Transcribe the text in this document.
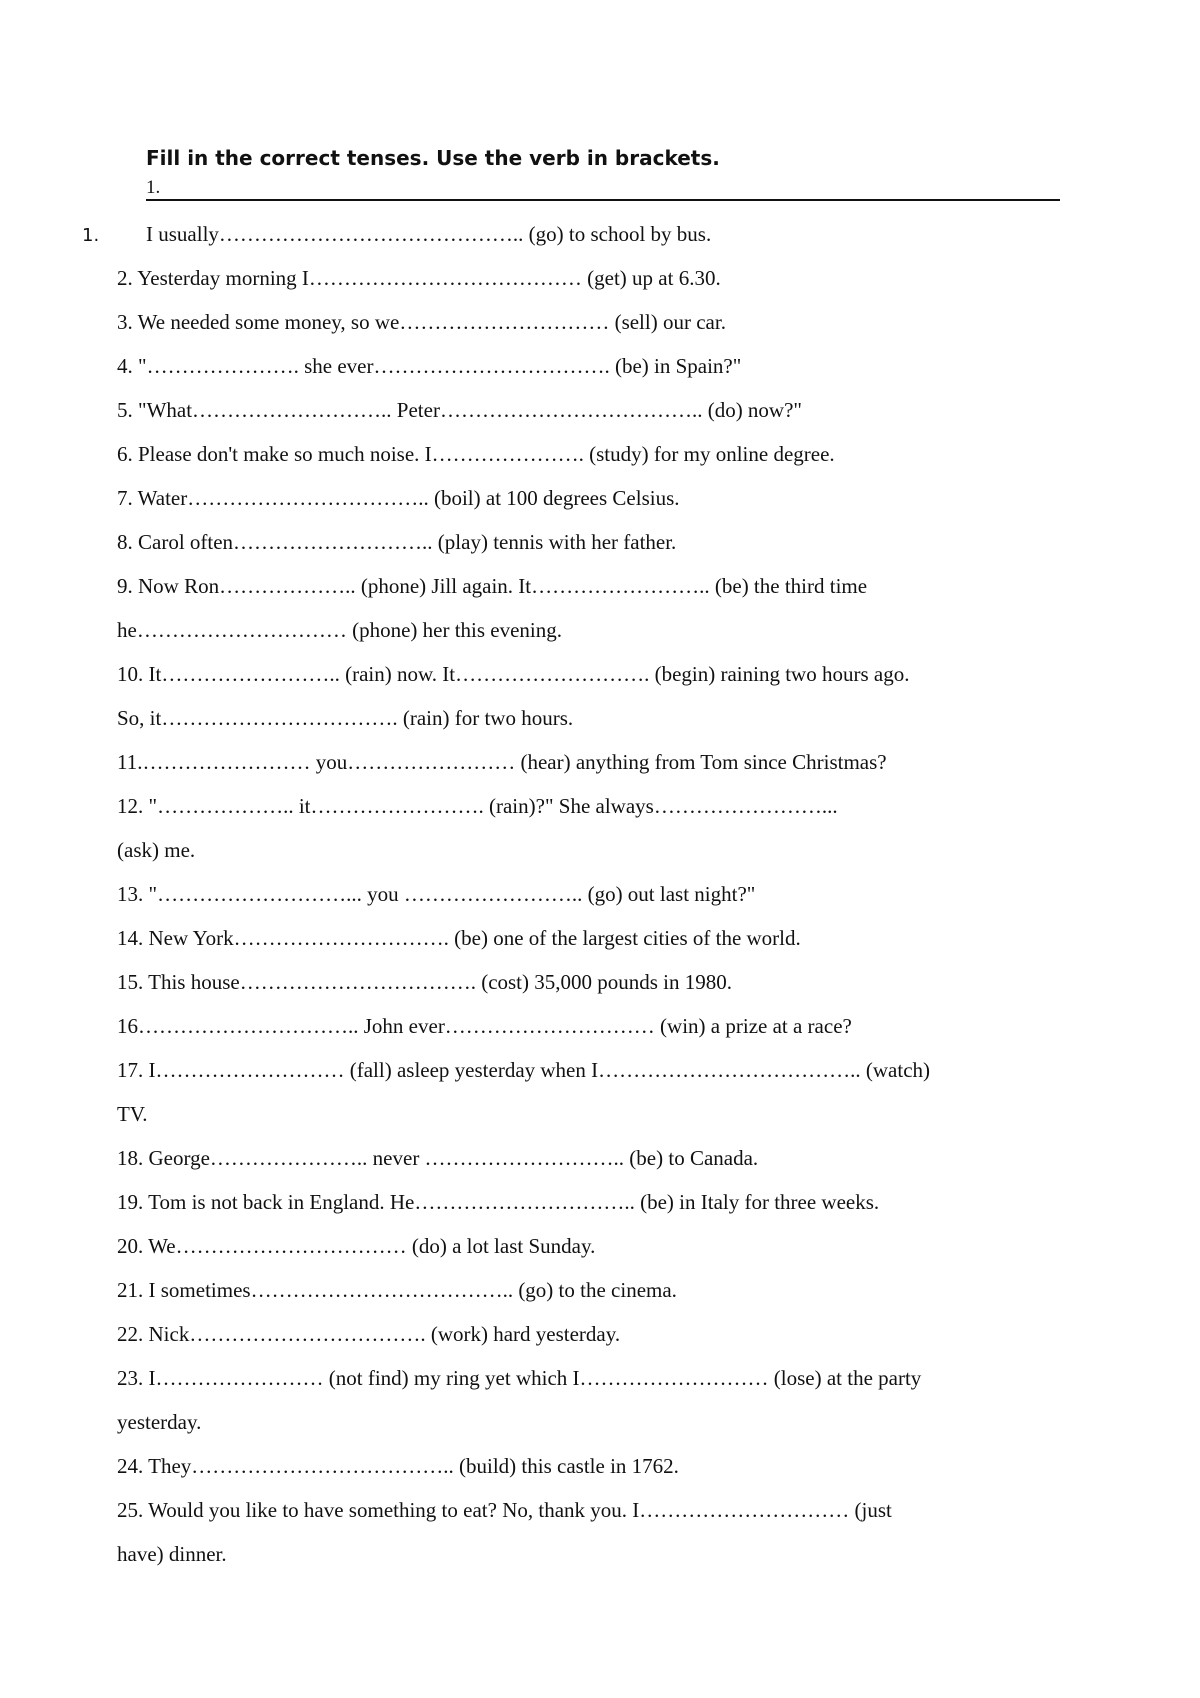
Fill in the correct tenses. Use the verb in brackets.
1.
1. I usually…………………………………….. (go) to school by bus.
2. Yesterday morning I………………………………… (get) up at 6.30.
3. We needed some money, so we………………………… (sell) our car.
4. "…………………. she ever……………………………. (be) in Spain?"
5. "What……………………….. Peter……………………………….. (do) now?"
6. Please don't make so much noise. I…………………. (study) for my online degree.
7. Water…………………………….. (boil) at 100 degrees Celsius.
8. Carol often……………………….. (play) tennis with her father.
9. Now Ron……………….. (phone) Jill again. It…………………….. (be) the third time
he………………………… (phone) her this evening.
10. It…………………….. (rain) now. It………………………. (begin) raining two hours ago.
So, it……………………………. (rain) for two hours.
11.…………………… you…………………… (hear) anything from Tom since Christmas?
12. "……………….. it……………………. (rain)?" She always……………………...
(ask) me.
13. "………………………... you …………………….. (go) out last night?"
14. New York…………………………. (be) one of the largest cities of the world.
15. This house……………………………. (cost) 35,000 pounds in 1980.
16………………………….. John ever………………………… (win) a prize at a race?
17. I……………………… (fall) asleep yesterday when I……………………………….. (watch)
TV.
18. George………………….. never ……………………….. (be) to Canada.
19. Tom is not back in England. He………………………….. (be) in Italy for three weeks.
20. We…………………………… (do) a lot last Sunday.
21. I sometimes……………………………….. (go) to the cinema.
22. Nick……………………………. (work) hard yesterday.
23. I…………………… (not find) my ring yet which I……………………… (lose) at the party
yesterday.
24. They……………………………….. (build) this castle in 1762.
25. Would you like to have something to eat? No, thank you. I………………………… (just
have) dinner.
